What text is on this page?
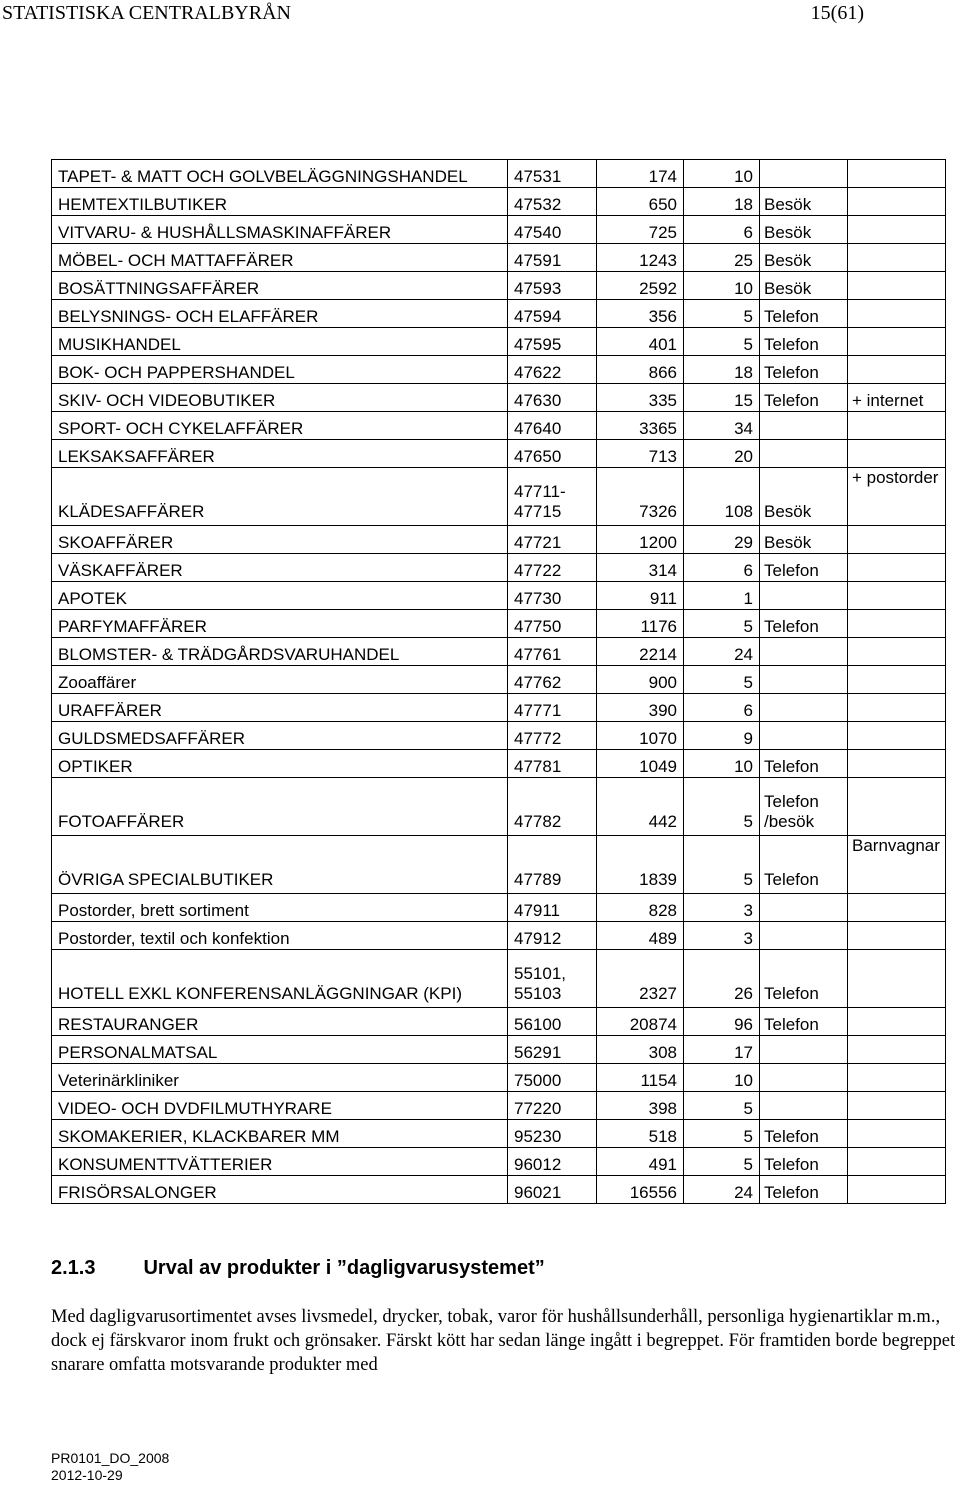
STATISTISKA CENTRALBYRÅN	15(61)
TAPET- & MATT OCH GOLVBELÄGGNINGSHANDEL	47531	174	10		
HEMTEXTILBUTIKER	47532	650	18	Besök	
VITVARU- & HUSHÅLLSMASKINAFFÄRER	47540	725	6	Besök	
MÖBEL- OCH MATTAFFÄRER	47591	1243	25	Besök	
BOSÄTTNINGSAFFÄRER	47593	2592	10	Besök	
BELYSNINGS- OCH ELAFFÄRER	47594	356	5	Telefon	
MUSIKHANDEL	47595	401	5	Telefon	
BOK- OCH PAPPERSHANDEL	47622	866	18	Telefon	
SKIV- OCH VIDEOBUTIKER	47630	335	15	Telefon	+ internet
SPORT- OCH CYKELAFFÄRER	47640	3365	34		
LEKSAKSAFFÄRER	47650	713	20		
KLÄDESAFFÄRER	47711- 47715	7326	108	Besök	+ postorder
SKOAFFÄRER	47721	1200	29	Besök	
VÄSKAFFÄRER	47722	314	6	Telefon	
APOTEK	47730	911	1		
PARFYMAFFÄRER	47750	1176	5	Telefon	
BLOMSTER- & TRÄDGÅRDSVARUHANDEL	47761	2214	24		
Zooaffärer	47762	900	5		
URAFFÄRER	47771	390	6		
GULDSMEDSAFFÄRER	47772	1070	9		
OPTIKER	47781	1049	10	Telefon	
FOTOAFFÄRER	47782	442	5	Telefon /besök	
ÖVRIGA SPECIALBUTIKER	47789	1839	5	Telefon	Barnvagnar
Postorder, brett sortiment	47911	828	3		
Postorder, textil och konfektion	47912	489	3		
HOTELL EXKL KONFERENSANLÄGGNINGAR (KPI)	55101, 55103	2327	26	Telefon	
RESTAURANGER	56100	20874	96	Telefon	
PERSONALMATSAL	56291	308	17		
Veterinärkliniker	75000	1154	10		
VIDEO- OCH DVDFILMUTHYRARE	77220	398	5		
SKOMAKERIER, KLACKBARER MM	95230	518	5	Telefon	
KONSUMENTTVÄTTERIER	96012	491	5	Telefon	
FRISÖRSALONGER	96021	16556	24	Telefon	
2.1.3 Urval av produkter i ”dagligvarusystemet”
Med dagligvarusortimentet avses livsmedel, drycker, tobak, varor för hushållsunderhåll, personliga hygienartiklar m.m., dock ej färskvaror inom frukt och grönsaker. Färskt kött har sedan länge ingått i begreppet. För framtiden borde begreppet snarare omfatta motsvarande produkter med
PR0101_DO_2008
2012-10-29
